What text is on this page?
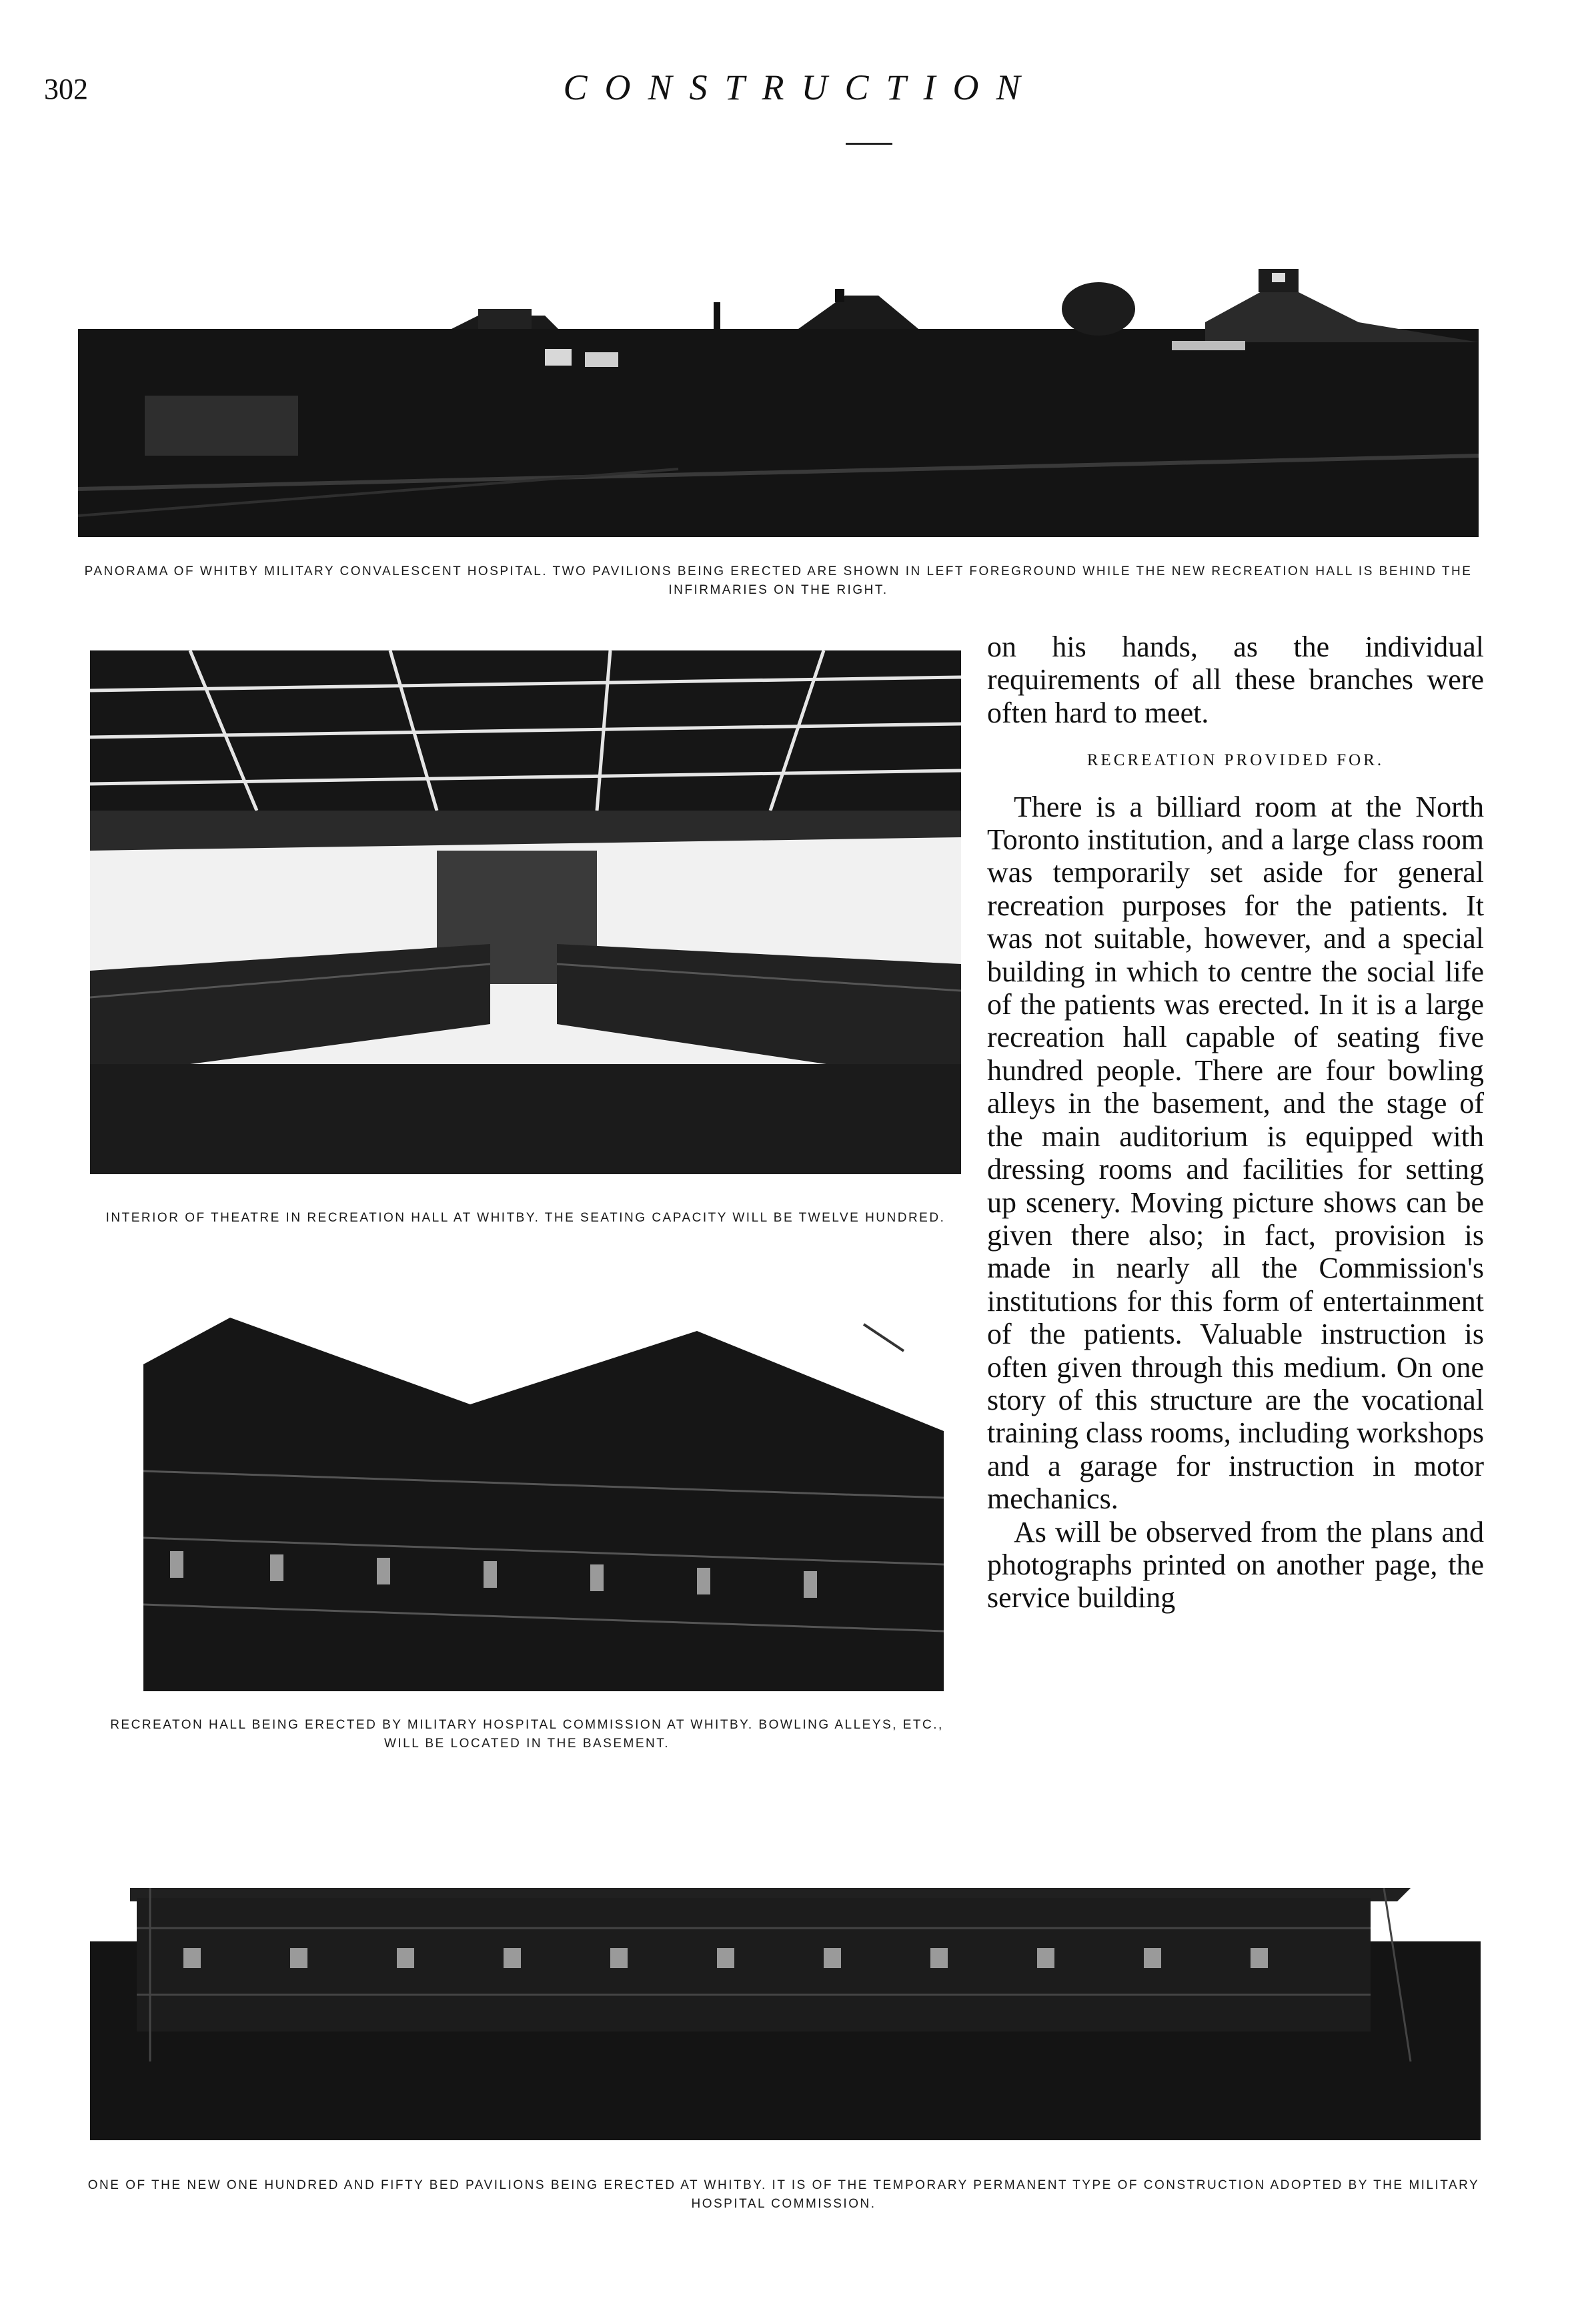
302	CONSTRUCTION
PANORAMA OF WHITBY MILITARY CONVALESCENT HOSPITAL. TWO PAVILIONS BEING ERECTED ARE SHOWN IN LEFT FOREGROUND WHILE THE NEW RECREATION HALL IS BEHIND THE INFIRMARIES ON THE RIGHT.
INTERIOR OF THEATRE IN RECREATION HALL AT WHITBY. THE SEATING CAPACITY WILL BE TWELVE HUNDRED.
RECREATON HALL BEING ERECTED BY MILITARY HOSPITAL COMMISSION AT WHITBY. BOWLING ALLEYS, ETC., WILL BE LOCATED IN THE BASEMENT.

on his hands, as the individual requirements of all these branches were often hard to meet.

RECREATION PROVIDED FOR.

There is a billiard room at the North Toronto institution, and a large class room was temporarily set aside for general recreation purposes for the patients. It was not suitable, however, and a special building in which to centre the social life of the patients was erected. In it is a large recreation hall capable of seating five hundred people. There are four bowling alleys in the basement, and the stage of the main auditorium is equipped with dressing rooms and facilities for setting up scenery. Moving picture shows can be given there also; in fact, provision is made in nearly all the Commission's institutions for this form of entertainment of the patients. Valuable instruction is often given through this medium. On one story of this structure are the vocational training class rooms, including workshops and a garage for instruction in motor mechanics.

As will be observed from the plans and photographs printed on another page, the service building

ONE OF THE NEW ONE HUNDRED AND FIFTY BED PAVILIONS BEING ERECTED AT WHITBY. IT IS OF THE TEMPORARY PERMANENT TYPE OF CONSTRUCTION ADOPTED BY THE MILITARY HOSPITAL COMMISSION.
